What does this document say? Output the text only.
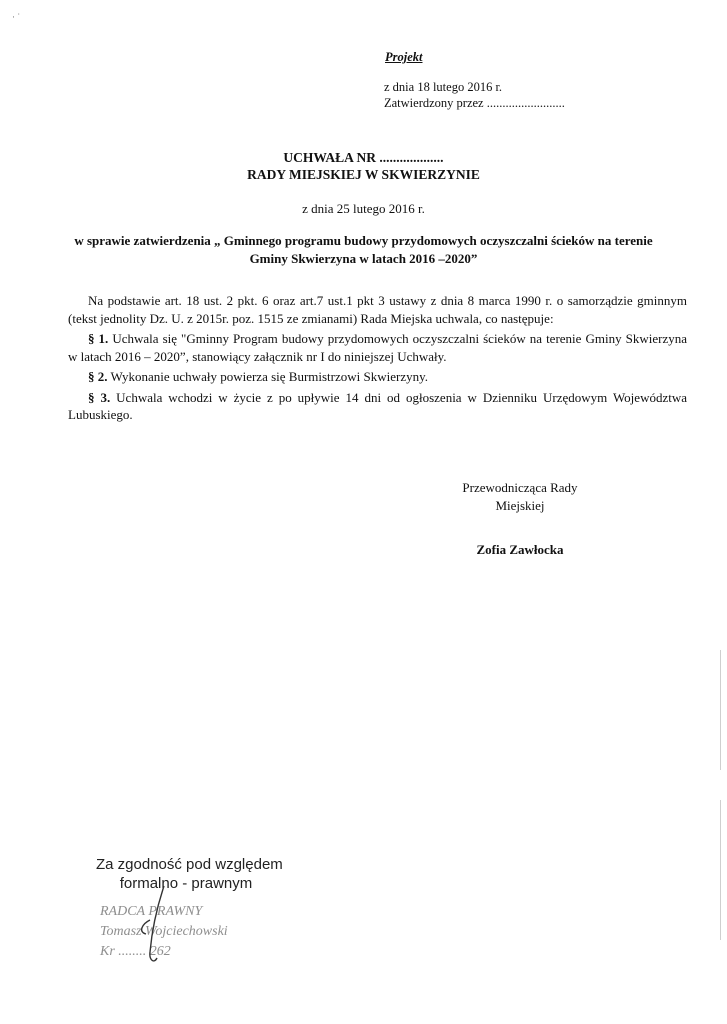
· ˙
Projekt
z dnia 18 lutego 2016 r.
Zatwierdzony przez .........................
UCHWAŁA NR ...................
RADY MIEJSKIEJ W SKWIERZYNIE
z dnia 25 lutego 2016 r.
w sprawie zatwierdzenia „ Gminnego programu budowy przydomowych oczyszczalni ścieków na terenie Gminy Skwierzyna w latach 2016 –2020”

Na podstawie art. 18 ust. 2 pkt. 6 oraz art.7 ust.1 pkt 3 ustawy z dnia 8 marca 1990 r. o samorządzie gminnym (tekst jednolity Dz. U. z 2015r. poz. 1515 ze zmianami) Rada Miejska uchwala, co następuje:

§ 1. Uchwala się "Gminny Program budowy przydomowych oczyszczalni ścieków na terenie Gminy Skwierzyna w latach 2016 – 2020”, stanowiący załącznik nr I do niniejszej Uchwały.

§ 2. Wykonanie uchwały powierza się Burmistrzowi Skwierzyny.

§ 3. Uchwala wchodzi w życie z po upływie 14 dni od ogłoszenia w Dzienniku Urzędowym Województwa Lubuskiego.

Przewodnicząca Rady
Miejskiej
Zofia Zawłocka
Za zgodność pod względem
formalno - prawnym
RADCA PRAWNY
Tomasz Wojciechowski
Kr ........ 262
